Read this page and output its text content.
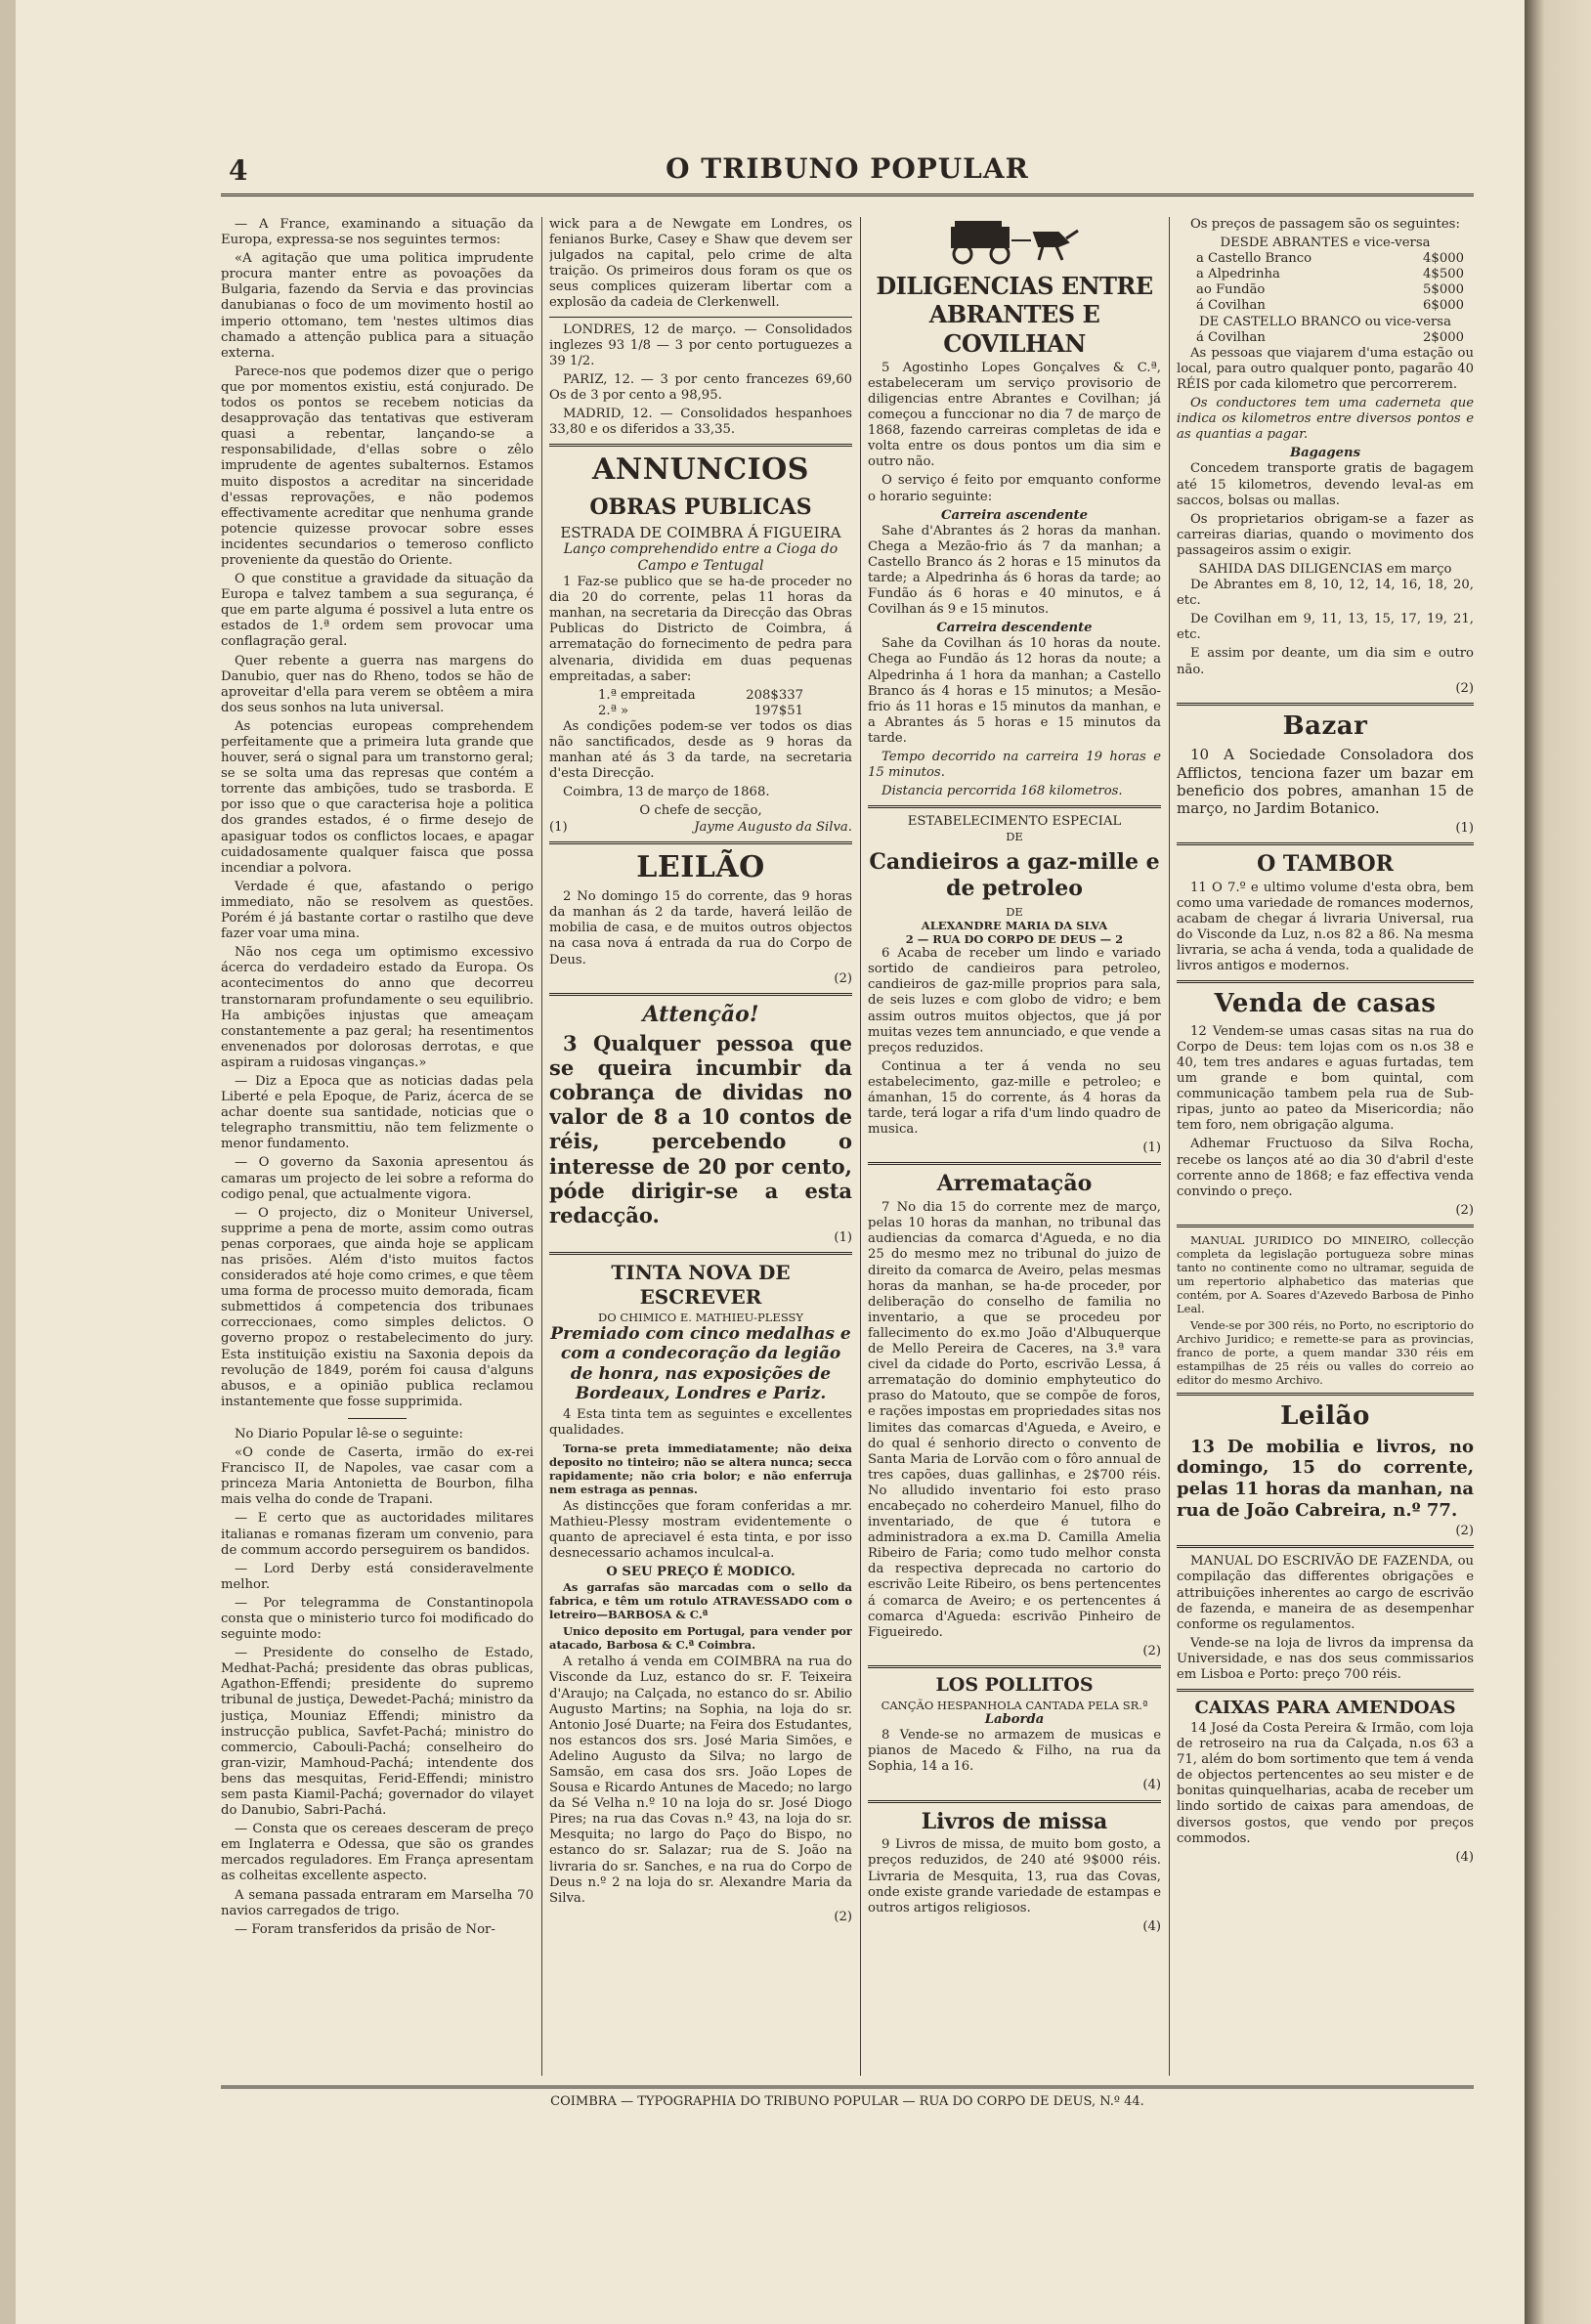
4	O TRIBUNO POPULAR

— A France, examinando a situação da Europa, expressa-se nos seguintes termos:

«A agitação que uma politica imprudente procura manter entre as povoações da Bulgaria, fazendo da Servia e das provincias danubianas o foco de um movimento hostil ao imperio ottomano, tem 'nestes ultimos dias chamado a attenção publica para a situação externa.

Parece-nos que podemos dizer que o perigo que por momentos existiu, está conjurado. De todos os pontos se recebem noticias da desapprovação das tentativas que estiveram quasi a rebentar, lançando-se a responsabilidade, d'ellas sobre o zêlo imprudente de agentes subalternos. Estamos muito dispostos a acreditar na sinceridade d'essas reprovações, e não podemos effectivamente acreditar que nenhuma grande potencie quizesse provocar sobre esses incidentes secundarios o temeroso conflicto proveniente da questão do Oriente.

O que constitue a gravidade da situação da Europa e talvez tambem a sua segurança, é que em parte alguma é possivel a luta entre os estados de 1.ª ordem sem provocar uma conflagração geral.

Quer rebente a guerra nas margens do Danubio, quer nas do Rheno, todos se hão de aproveitar d'ella para verem se obtêem a mira dos seus sonhos na luta universal.

As potencias europeas comprehendem perfeitamente que a primeira luta grande que houver, será o signal para um transtorno geral; se se solta uma das represas que contém a torrente das ambições, tudo se trasborda. E por isso que o que caracterisa hoje a politica dos grandes estados, é o firme desejo de apasiguar todos os conflictos locaes, e apagar cuidadosamente qualquer faisca que possa incendiar a polvora.

Verdade é que, afastando o perigo immediato, não se resolvem as questões. Porém é já bastante cortar o rastilho que deve fazer voar uma mina.

Não nos cega um optimismo excessivo ácerca do verdadeiro estado da Europa. Os acontecimentos do anno que decorreu transtornaram profundamente o seu equilibrio. Ha ambições injustas que ameaçam constantemente a paz geral; ha resentimentos envenenados por dolorosas derrotas, e que aspiram a ruidosas vinganças.»

— Diz a Epoca que as noticias dadas pela Liberté e pela Epoque, de Pariz, ácerca de se achar doente sua santidade, noticias que o telegrapho transmittiu, não tem felizmente o menor fundamento.

— O governo da Saxonia apresentou ás camaras um projecto de lei sobre a reforma do codigo penal, que actualmente vigora.

— O projecto, diz o Moniteur Universel, supprime a pena de morte, assim como outras penas corporaes, que ainda hoje se applicam nas prisões. Além d'isto muitos factos considerados até hoje como crimes, e que têem uma forma de processo muito demorada, ficam submettidos á competencia dos tribunaes correccionaes, como simples delictos. O governo propoz o restabelecimento do jury. Esta instituição existiu na Saxonia depois da revolução de 1849, porém foi causa d'alguns abusos, e a opinião publica reclamou instantemente que fosse supprimida.

No Diario Popular lê-se o seguinte:

«O conde de Caserta, irmão do ex-rei Francisco II, de Napoles, vae casar com a princeza Maria Antonietta de Bourbon, filha mais velha do conde de Trapani.

— E certo que as auctoridades militares italianas e romanas fizeram um convenio, para de commum accordo perseguirem os bandidos.

— Lord Derby está consideravelmente melhor.

— Por telegramma de Constantinopola consta que o ministerio turco foi modificado do seguinte modo:

— Presidente do conselho de Estado, Medhat-Pachá; presidente das obras publicas, Agathon-Effendi; presidente do supremo tribunal de justiça, Dewedet-Pachá; ministro da justiça, Mouniaz Effendi; ministro da instrucção publica, Savfet-Pachá; ministro do commercio, Cabouli-Pachá; conselheiro do gran-vizir, Mamhoud-Pachá; intendente dos bens das mesquitas, Ferid-Effendi; ministro sem pasta Kiamil-Pachá; governador do vilayet do Danubio, Sabri-Pachá.

— Consta que os cereaes desceram de preço em Inglaterra e Odessa, que são os grandes mercados reguladores. Em França apresentam as colheitas excellente aspecto.

A semana passada entraram em Marselha 70 navios carregados de trigo.

— Foram transferidos da prisão de Nor-

wick para a de Newgate em Londres, os fenianos Burke, Casey e Shaw que devem ser julgados na capital, pelo crime de alta traição. Os primeiros dous foram os que os seus complices quizeram libertar com a explosão da cadeia de Clerkenwell.

LONDRES, 12 de março. — Consolidados inglezes 93 1/8 — 3 por cento portuguezes a 39 1/2.

PARIZ, 12. — 3 por cento francezes 69,60 Os de 3 por cento a 98,95.

MADRID, 12. — Consolidados hespanhoes 33,80 e os diferidos a 33,35.

ANNUNCIOS
OBRAS PUBLICAS
ESTRADA DE COIMBRA Á FIGUEIRA
Lanço comprehendido entre a Cioga do Campo e Tentugal

1 Faz-se publico que se ha-de proceder no dia 20 do corrente, pelas 11 horas da manhan, na secretaria da Direcção das Obras Publicas do Districto de Coimbra, á arrematação do fornecimento de pedra para alvenaria, dividida em duas pequenas empreitadas, a saber:

1.ª empreitada	208$337
2.ª »	197$51

As condições podem-se ver todos os dias não sanctificados, desde as 9 horas da manhan até ás 3 da tarde, na secretaria d'esta Direcção.

Coimbra, 13 de março de 1868.

O chefe de secção,
(1)	Jayme Augusto da Silva.
LEILÃO

2 No domingo 15 do corrente, das 9 horas da manhan ás 2 da tarde, haverá leilão de mobilia de casa, e de muitos outros objectos na casa nova á entrada da rua do Corpo de Deus.

(2)
Attenção!

3 Qualquer pessoa que se queira incumbir da cobrança de dividas no valor de 8 a 10 contos de réis, percebendo o interesse de 20 por cento, póde dirigir-se a esta redacção.

(1)
TINTA NOVA DE ESCREVER
DO CHIMICO E. MATHIEU-PLESSY

Premiado com cinco medalhas e com a condecoração da legião de honra, nas exposições de Bordeaux, Londres e Pariz.

4 Esta tinta tem as seguintes e excellentes qualidades.

Torna-se preta immediatamente; não deixa deposito no tinteiro; não se altera nunca; secca rapidamente; não cria bolor; e não enferruja nem estraga as pennas.

As distincções que foram conferidas a mr. Mathieu-Plessy mostram evidentemente o quanto de apreciavel é esta tinta, e por isso desnecessario achamos inculcal-a.

O SEU PREÇO É MODICO.

As garrafas são marcadas com o sello da fabrica, e têm um rotulo ATRAVESSADO com o letreiro—BARBOSA & C.ª

Unico deposito em Portugal, para vender por atacado, Barbosa & C.ª Coimbra.

A retalho á venda em COIMBRA na rua do Visconde da Luz, estanco do sr. F. Teixeira d'Araujo; na Calçada, no estanco do sr. Abilio Augusto Martins; na Sophia, na loja do sr. Antonio José Duarte; na Feira dos Estudantes, nos estancos dos srs. José Maria Simões, e Adelino Augusto da Silva; no largo de Samsão, em casa dos srs. João Lopes de Sousa e Ricardo Antunes de Macedo; no largo da Sé Velha n.º 10 na loja do sr. José Diogo Pires; na rua das Covas n.º 43, na loja do sr. Mesquita; no largo do Paço do Bispo, no estanco do sr. Salazar; rua de S. João na livraria do sr. Sanches, e na rua do Corpo de Deus n.º 2 na loja do sr. Alexandre Maria da Silva.

(2)
DILIGENCIAS ENTRE ABRANTES E COVILHAN

5 Agostinho Lopes Gonçalves & C.ª, estabeleceram um serviço provisorio de diligencias entre Abrantes e Covilhan; já começou a funccionar no dia 7 de março de 1868, fazendo carreiras completas de ida e volta entre os dous pontos um dia sim e outro não.

O serviço é feito por emquanto conforme o horario seguinte:

Carreira ascendente

Sahe d'Abrantes ás 2 horas da manhan. Chega a Mezão-frio ás 7 da manhan; a Castello Branco ás 2 horas e 15 minutos da tarde; a Alpedrinha ás 6 horas da tarde; ao Fundão ás 6 horas e 40 minutos, e á Covilhan ás 9 e 15 minutos.

Carreira descendente

Sahe da Covilhan ás 10 horas da noute. Chega ao Fundão ás 12 horas da noute; a Alpedrinha á 1 hora da manhan; a Castello Branco ás 4 horas e 15 minutos; a Mesão-frio ás 11 horas e 15 minutos da manhan, e a Abrantes ás 5 horas e 15 minutos da tarde.

Tempo decorrido na carreira 19 horas e 15 minutos.

Distancia percorrida 168 kilometros.

ESTABELECIMENTO ESPECIAL
DE
Candieiros a gaz-mille e de petroleo
DE
ALEXANDRE MARIA DA SLVA
2 — RUA DO CORPO DE DEUS — 2

6 Acaba de receber um lindo e variado sortido de candieiros para petroleo, candieiros de gaz-mille proprios para sala, de seis luzes e com globo de vidro; e bem assim outros muitos objectos, que já por muitas vezes tem annunciado, e que vende a preços reduzidos.

Continua a ter á venda no seu estabelecimento, gaz-mille e petroleo; e ámanhan, 15 do corrente, ás 4 horas da tarde, terá logar a rifa d'um lindo quadro de musica.

(1)
Arrematação

7 No dia 15 do corrente mez de março, pelas 10 horas da manhan, no tribunal das audiencias da comarca d'Agueda, e no dia 25 do mesmo mez no tribunal do juizo de direito da comarca de Aveiro, pelas mesmas horas da manhan, se ha-de proceder, por deliberação do conselho de familia no inventario, a que se procedeu por fallecimento do ex.mo João d'Albuquerque de Mello Pereira de Caceres, na 3.ª vara civel da cidade do Porto, escrivão Lessa, á arrematação do dominio emphyteutico do praso do Matouto, que se compõe de foros, e rações impostas em propriedades sitas nos limites das comarcas d'Agueda, e Aveiro, e do qual é senhorio directo o convento de Santa Maria de Lorvão com o fôro annual de tres capões, duas gallinhas, e 2$700 réis. No alludido inventario foi esto praso encabeçado no coherdeiro Manuel, filho do inventariado, de que é tutora e administradora a ex.ma D. Camilla Amelia Ribeiro de Faria; como tudo melhor consta da respectiva deprecada no cartorio do escrivão Leite Ribeiro, os bens pertencentes á comarca de Aveiro; e os pertencentes á comarca d'Agueda: escrivão Pinheiro de Figueiredo.

(2)
LOS POLLITOS
CANÇÃO HESPANHOLA CANTADA PELA SR.ª
Laborda

8 Vende-se no armazem de musicas e pianos de Macedo & Filho, na rua da Sophia, 14 a 16.

(4)
Livros de missa

9 Livros de missa, de muito bom gosto, a preços reduzidos, de 240 até 9$000 réis. Livraria de Mesquita, 13, rua das Covas, onde existe grande variedade de estampas e outros artigos religiosos.

(4)

Os preços de passagem são os seguintes:

DESDE ABRANTES e vice-versa
a Castello Branco	4$000
a Alpedrinha	4$500
ao Fundão	5$000
á Covilhan	6$000
DE CASTELLO BRANCO ou vice-versa
á Covilhan	2$000

As pessoas que viajarem d'uma estação ou local, para outro qualquer ponto, pagarão 40 RÉIS por cada kilometro que percorrerem.

Os conductores tem uma caderneta que indica os kilometros entre diversos pontos e as quantias a pagar.

Bagagens

Concedem transporte gratis de bagagem até 15 kilometros, devendo leval-as em saccos, bolsas ou mallas.

Os proprietarios obrigam-se a fazer as carreiras diarias, quando o movimento dos passageiros assim o exigir.

SAHIDA DAS DILIGENCIAS em março

De Abrantes em 8, 10, 12, 14, 16, 18, 20, etc.

De Covilhan em 9, 11, 13, 15, 17, 19, 21, etc.

E assim por deante, um dia sim e outro não.

(2)
Bazar

10 A Sociedade Consoladora dos Afflictos, tenciona fazer um bazar em beneficio dos pobres, amanhan 15 de março, no Jardim Botanico.

(1)
O TAMBOR

11 O 7.º e ultimo volume d'esta obra, bem como uma variedade de romances modernos, acabam de chegar á livraria Universal, rua do Visconde da Luz, n.os 82 a 86. Na mesma livraria, se acha á venda, toda a qualidade de livros antigos e modernos.

Venda de casas

12 Vendem-se umas casas sitas na rua do Corpo de Deus: tem lojas com os n.os 38 e 40, tem tres andares e aguas furtadas, tem um grande e bom quintal, com communicação tambem pela rua de Sub-ripas, junto ao pateo da Misericordia; não tem foro, nem obrigação alguma.

Adhemar Fructuoso da Silva Rocha, recebe os lanços até ao dia 30 d'abril d'este corrente anno de 1868; e faz effectiva venda convindo o preço.

(2)

MANUAL JURIDICO DO MINEIRO, collecção completa da legislação portugueza sobre minas tanto no continente como no ultramar, seguida de um repertorio alphabetico das materias que contém, por A. Soares d'Azevedo Barbosa de Pinho Leal.

Vende-se por 300 réis, no Porto, no escriptorio do Archivo Juridico; e remette-se para as provincias, franco de porte, a quem mandar 330 réis em estampilhas de 25 réis ou valles do correio ao editor do mesmo Archivo.

Leilão

13 De mobilia e livros, no domingo, 15 do corrente, pelas 11 horas da manhan, na rua de João Cabreira, n.º 77.

(2)

MANUAL DO ESCRIVÃO DE FAZENDA, ou compilação das differentes obrigações e attribuições inherentes ao cargo de escrivão de fazenda, e maneira de as desempenhar conforme os regulamentos.

Vende-se na loja de livros da imprensa da Universidade, e nas dos seus commissarios em Lisboa e Porto: preço 700 réis.

CAIXAS PARA AMENDOAS

14 José da Costa Pereira & Irmão, com loja de retroseiro na rua da Calçada, n.os 63 a 71, além do bom sortimento que tem á venda de objectos pertencentes ao seu mister e de bonitas quinquelharias, acaba de receber um lindo sortido de caixas para amendoas, de diversos gostos, que vendo por preços commodos.

(4)
COIMBRA — TYPOGRAPHIA DO TRIBUNO POPULAR — RUA DO CORPO DE DEUS, N.º 44.
